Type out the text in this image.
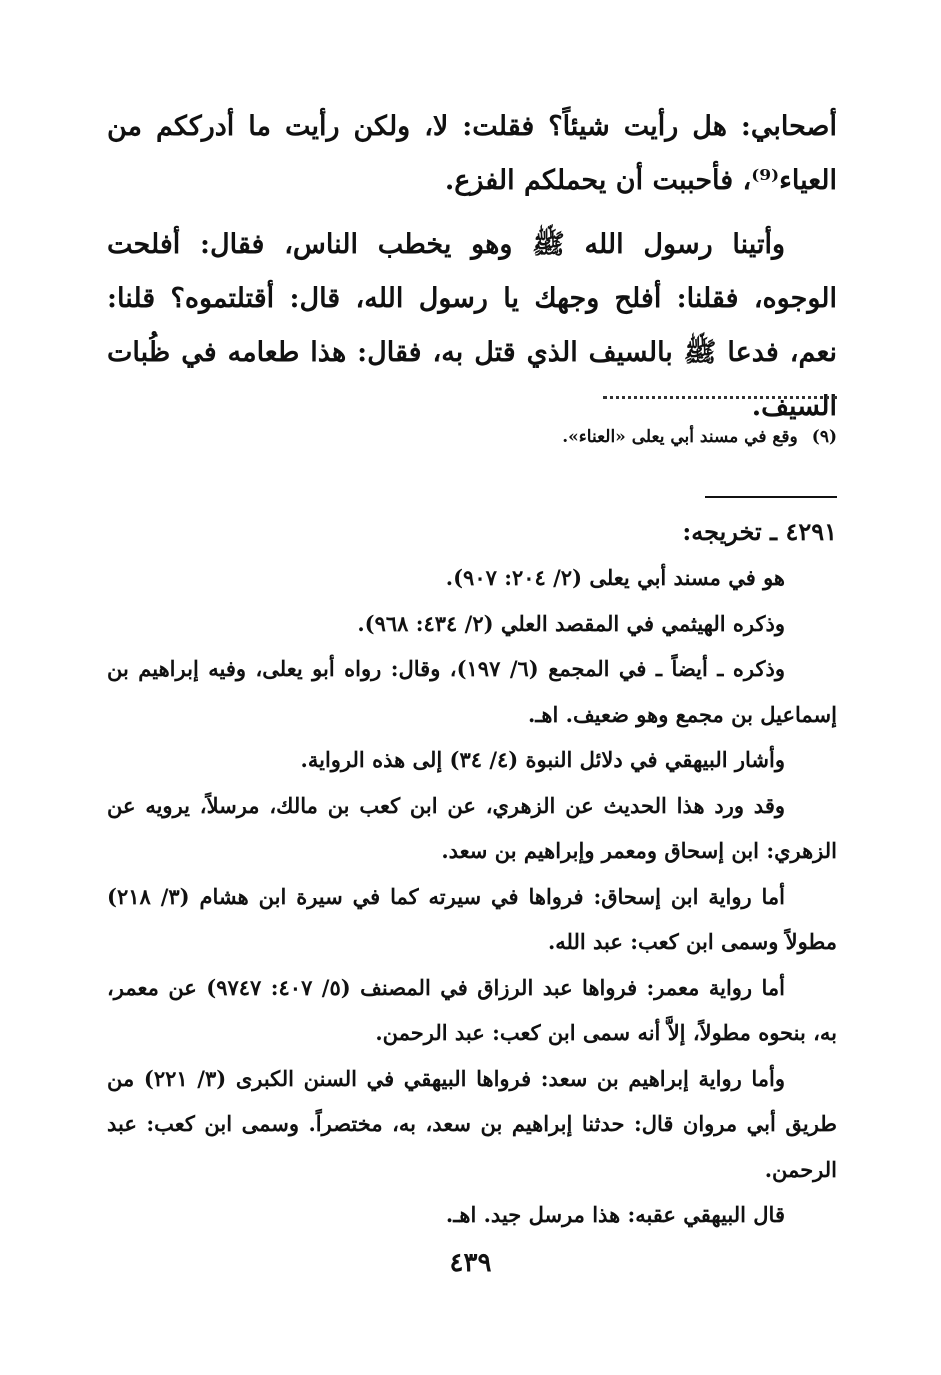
أصحابي: هل رأيت شيئاً؟ فقلت: لا، ولكن رأيت ما أدرككم من العياء⁽⁹⁾، فأحببت أن يحملكم الفزع.

وأتينا رسول الله ﷺ وهو يخطب الناس، فقال: أفلحت الوجوه، فقلنا: أفلح وجهك يا رسول الله، قال: أقتلتموه؟ قلنا: نعم، فدعا ﷺ بالسيف الذي قتل به، فقال: هذا طعامه في ظُبات السيف.

(٩)وقع في مسند أبي يعلى «العناء».
٤٢٩١ ـ تخريجه:

هو في مسند أبي يعلى (٢/ ٢٠٤: ٩٠٧).

وذكره الهيثمي في المقصد العلي (٢/ ٤٣٤: ٩٦٨).

وذكره ـ أيضاً ـ في المجمع (٦/ ١٩٧)، وقال: رواه أبو يعلى، وفيه إبراهيم بن إسماعيل بن مجمع وهو ضعيف. اهـ.

وأشار البيهقي في دلائل النبوة (٤/ ٣٤) إلى هذه الرواية.

وقد ورد هذا الحديث عن الزهري، عن ابن كعب بن مالك، مرسلاً، يرويه عن الزهري: ابن إسحاق ومعمر وإبراهيم بن سعد.

أما رواية ابن إسحاق: فرواها في سيرته كما في سيرة ابن هشام (٣/ ٢١٨) مطولاً وسمى ابن كعب: عبد الله.

أما رواية معمر: فرواها عبد الرزاق في المصنف (٥/ ٤٠٧: ٩٧٤٧) عن معمر، به، بنحوه مطولاً، إلاَّ أنه سمى ابن كعب: عبد الرحمن.

وأما رواية إبراهيم بن سعد: فرواها البيهقي في السنن الكبرى (٣/ ٢٢١) من طريق أبي مروان قال: حدثنا إبراهيم بن سعد، به، مختصراً. وسمى ابن كعب: عبد الرحمن.

قال البيهقي عقبه: هذا مرسل جيد. اهـ.

٤٣٩
